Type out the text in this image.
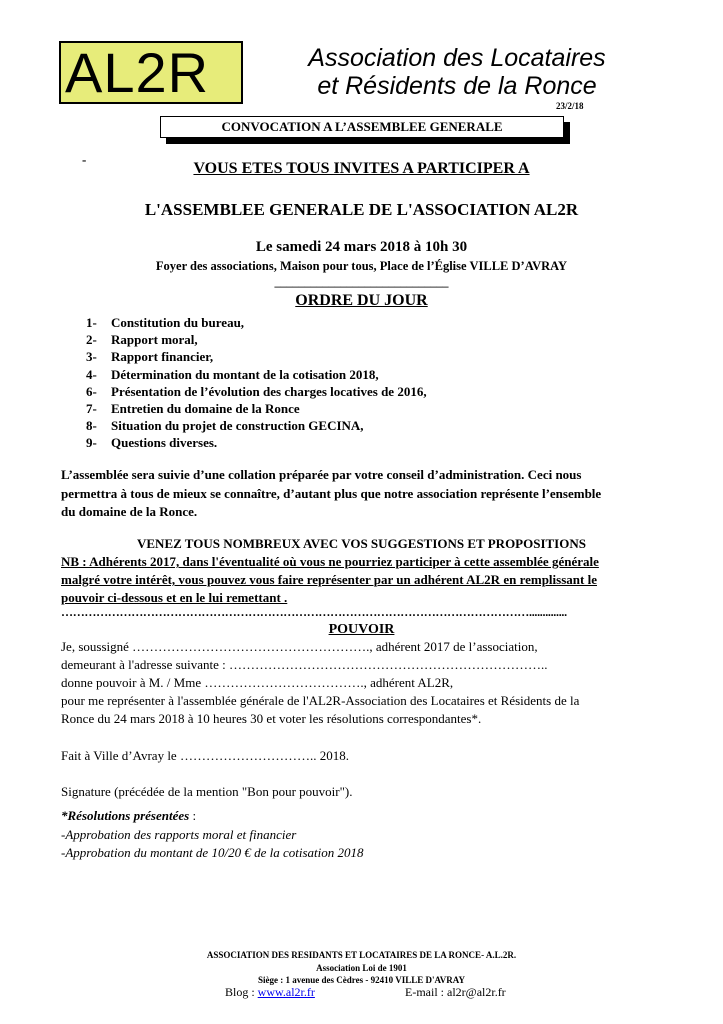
AL2R	Association des Locataires
et Résidents de la Ronce
23/2/18
CONVOCATION A L’ASSEMBLEE GENERALE
-
VOUS ETES TOUS INVITES A PARTICIPER A
L'ASSEMBLEE GENERALE DE L'ASSOCIATION AL2R
Le samedi 24 mars 2018 à 10h 30
Foyer des associations, Maison pour tous, Place de l’Église VILLE D’AVRAY
_____________________________
ORDRE DU JOUR
1- Constitution du bureau,
2- Rapport moral,
3- Rapport financier,
4- Détermination du montant de la cotisation 2018,
6- Présentation de l’évolution des charges locatives de 2016,
7- Entretien du domaine de la Ronce
8- Situation du projet de construction GECINA,
9- Questions diverses.
L’assemblée sera suivie d’une collation préparée par votre conseil d’administration. Ceci nous
permettra à tous de mieux se connaître, d’autant plus que notre association représente l’ensemble
du domaine de la Ronce.
VENEZ TOUS NOMBREUX AVEC VOS SUGGESTIONS ET PROPOSITIONS
NB : Adhérents 2017, dans l'éventualité où vous ne pourriez participer à cette assemblée générale
malgré votre intérêt, vous pouvez vous faire représenter par un adhérent AL2R en remplissant le
pouvoir ci-dessous et en le lui remettant .
…………………………………………………………………………………………………………..............
POUVOIR
Je, soussigné ………………………………………………., adhérent 2017 de l’association,
demeurant à l'adresse suivante : ………………………………………………………………..
donne pouvoir à M. / Mme ………………………………., adhérent AL2R,
pour me représenter à l'assemblée générale de l'AL2R-Association des Locataires et Résidents de la
Ronce du 24 mars 2018 à 10 heures 30 et voter les résolutions correspondantes*.

Fait à Ville d’Avray le ………………………….. 2018.

Signature (précédée de la mention "Bon pour pouvoir").
*Résolutions présentées :
-Approbation des rapports moral et financier
-Approbation du montant de 10/20 € de la cotisation 2018
ASSOCIATION DES RESIDANTS ET LOCATAIRES DE LA RONCE- A.L.2R.
Association Loi de 1901
Siège : 1 avenue des Cèdres - 92410 VILLE D'AVRAY
Blog : www.al2r.fr	E-mail : al2r@al2r.fr
